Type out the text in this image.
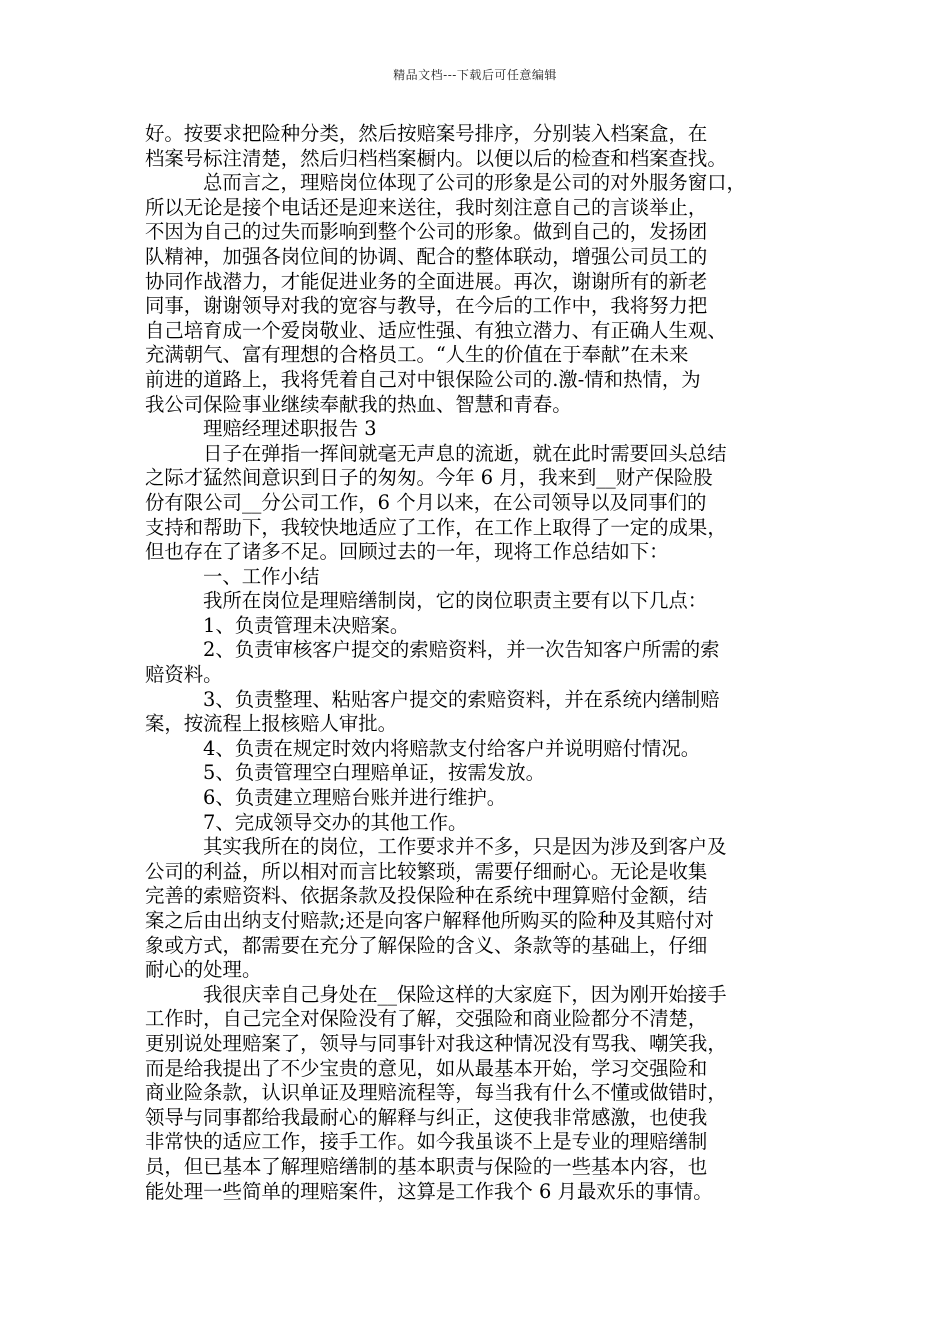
精品文档---下载后可任意编辑
好。按要求把险种分类，然后按赔案号排序，分别装入档案盒，在
档案号标注清楚，然后归档档案橱内。以便以后的检查和档案查找。
总而言之，理赔岗位体现了公司的形象是公司的对外服务窗口，
所以无论是接个电话还是迎来送往，我时刻注意自己的言谈举止，
不因为自己的过失而影响到整个公司的形象。做到自己的，发扬团
队精神，加强各岗位间的协调、配合的整体联动，增强公司员工的
协同作战潜力，才能促进业务的全面进展。再次，谢谢所有的新老
同事，谢谢领导对我的宽容与教导，在今后的工作中，我将努力把
自己培育成一个爱岗敬业、适应性强、有独立潜力、有正确人生观、
充满朝气、富有理想的合格员工。“人生的价值在于奉献”在未来
前进的道路上，我将凭着自己对中银保险公司的.激-情和热情，为
我公司保险事业继续奉献我的热血、智慧和青春。
理赔经理述职报告 3
日子在弹指一挥间就毫无声息的流逝，就在此时需要回头总结
之际才猛然间意识到日子的匆匆。今年 6 月，我来到__财产保险股
份有限公司__分公司工作，6 个月以来，在公司领导以及同事们的
支持和帮助下，我较快地适应了工作，在工作上取得了一定的成果，
但也存在了诸多不足。回顾过去的一年，现将工作总结如下：
一、工作小结
我所在岗位是理赔缮制岗，它的岗位职责主要有以下几点：
1、负责管理未决赔案。
2、负责审核客户提交的索赔资料，并一次告知客户所需的索
赔资料。
3、负责整理、粘贴客户提交的索赔资料，并在系统内缮制赔
案，按流程上报核赔人审批。
4、负责在规定时效内将赔款支付给客户并说明赔付情况。
5、负责管理空白理赔单证，按需发放。
6、负责建立理赔台账并进行维护。
7、完成领导交办的其他工作。
其实我所在的岗位，工作要求并不多，只是因为涉及到客户及
公司的利益，所以相对而言比较繁琐，需要仔细耐心。无论是收集
完善的索赔资料、依据条款及投保险种在系统中理算赔付金额，结
案之后由出纳支付赔款;还是向客户解释他所购买的险种及其赔付对
象或方式，都需要在充分了解保险的含义、条款等的基础上，仔细
耐心的处理。
我很庆幸自己身处在__保险这样的大家庭下，因为刚开始接手
工作时，自己完全对保险没有了解，交强险和商业险都分不清楚，
更别说处理赔案了，领导与同事针对我这种情况没有骂我、嘲笑我，
而是给我提出了不少宝贵的意见，如从最基本开始，学习交强险和
商业险条款，认识单证及理赔流程等，每当我有什么不懂或做错时，
领导与同事都给我最耐心的解释与纠正，这使我非常感激，也使我
非常快的适应工作，接手工作。如今我虽谈不上是专业的理赔缮制
员，但已基本了解理赔缮制的基本职责与保险的一些基本内容，也
能处理一些简单的理赔案件，这算是工作我个 6 月最欢乐的事情。
